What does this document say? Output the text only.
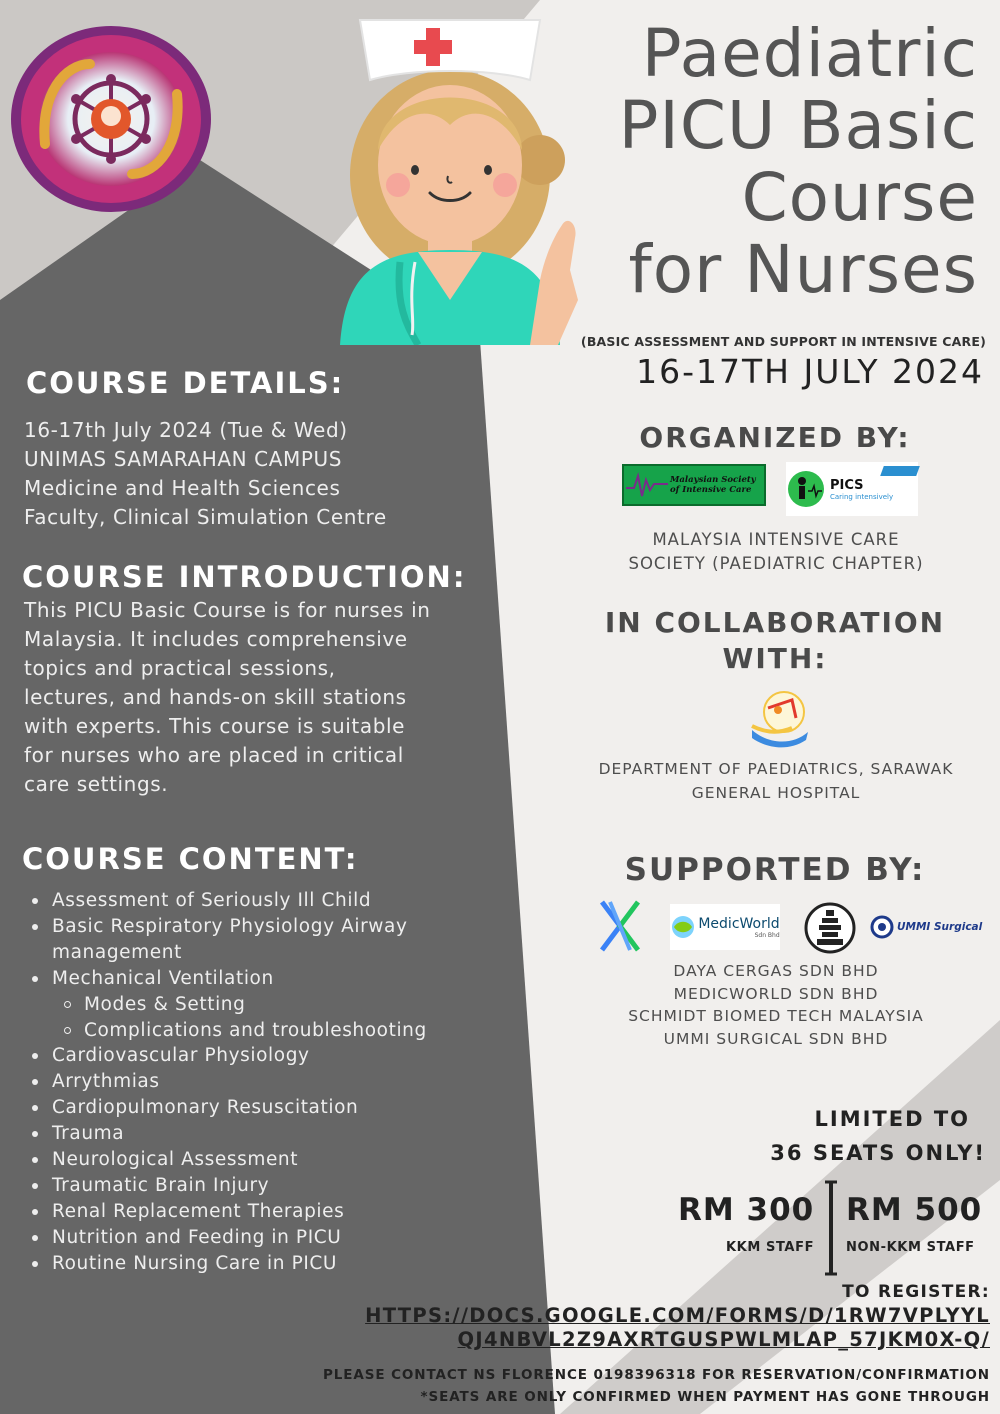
Paediatric
PICU Basic
Course
for Nurses
(BASIC ASSESSMENT AND SUPPORT IN INTENSIVE CARE)
16-17TH JULY 2024
COURSE DETAILS:
16-17th July 2024 (Tue & Wed)
UNIMAS SAMARAHAN CAMPUS
Medicine and Health Sciences
Faculty, Clinical Simulation Centre
COURSE INTRODUCTION:
This PICU Basic Course is for nurses in
Malaysia. It includes comprehensive
topics and practical sessions,
lectures, and hands-on skill stations
with experts. This course is suitable
for nurses who are placed in critical
care settings.
COURSE CONTENT:
Assessment of Seriously Ill Child
Basic Respiratory Physiology Airway
management
Mechanical Ventilation
Modes & Setting
Complications and troubleshooting
Cardiovascular Physiology
Arrythmias
Cardiopulmonary Resuscitation
Trauma
Neurological Assessment
Traumatic Brain Injury
Renal Replacement Therapies
Nutrition and Feeding in PICU
Routine Nursing Care in PICU
ORGANIZED BY:
Malaysian Society
of Intensive Care	PICS
Caring intensively
MALAYSIA INTENSIVE CARE
SOCIETY (PAEDIATRIC CHAPTER)
IN COLLABORATION
WITH:
DEPARTMENT OF PAEDIATRICS, SARAWAK
GENERAL HOSPITAL
SUPPORTED BY:
MedicWorld
Sdn Bhd
UMMI Surgical
DAYA CERGAS SDN BHD
MEDICWORLD SDN BHD
SCHMIDT BIOMED TECH MALAYSIA
UMMI SURGICAL SDN BHD
LIMITED TO
36 SEATS ONLY!
RM 300
KKM STAFF
RM 500
NON-KKM STAFF
TO REGISTER:
HTTPS://DOCS.GOOGLE.COM/FORMS/D/1RW7VPLYYL
QJ4NBVL2Z9AXRTGUSPWLMLAP_57JKM0X-Q/
PLEASE CONTACT NS FLORENCE 0198396318 FOR RESERVATION/CONFIRMATION
*SEATS ARE ONLY CONFIRMED WHEN PAYMENT HAS GONE THROUGH
